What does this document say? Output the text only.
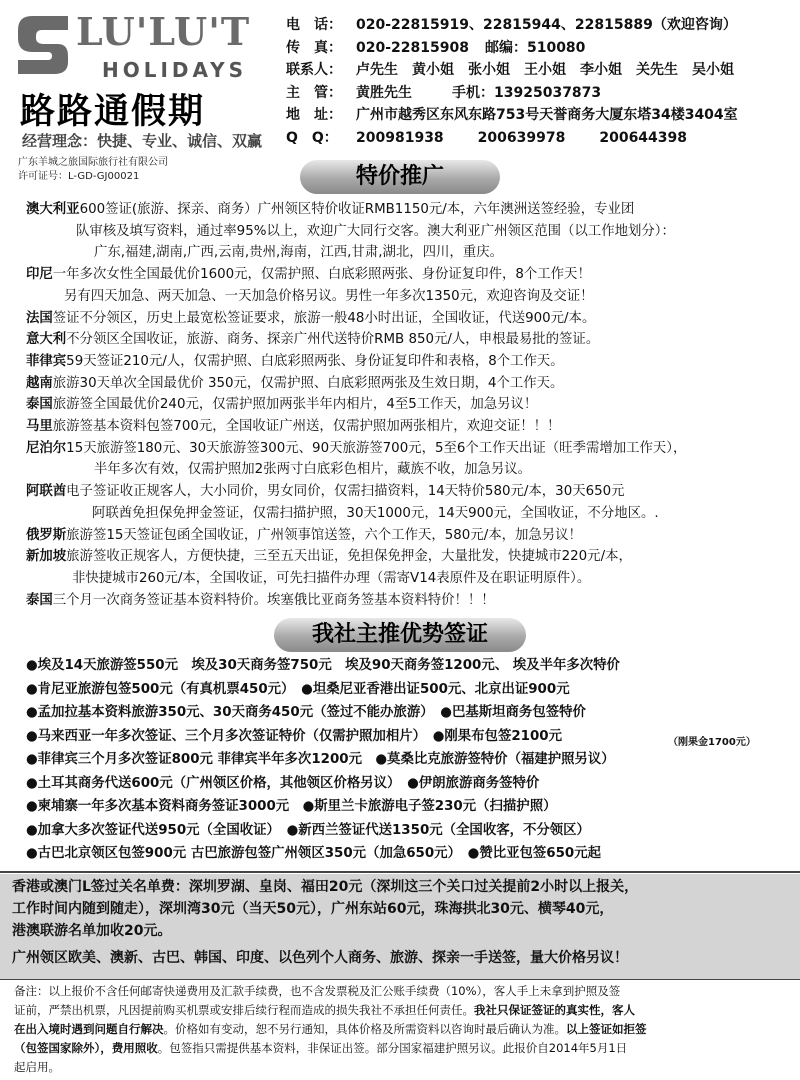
LU'LU'T
HOLIDAYS
路路通假期
经营理念：快捷、专业、诚信、双赢
广东羊城之旅国际旅行社有限公司
许可证号：L-GD-GJ00021
电　话： 020-22815919、22815944、22815889（欢迎咨询）
传　真： 020-22815908 邮编：510080
联系人： 卢先生　黄小姐　张小姐　王小姐　李小姐　关先生　吴小姐
主　管： 黄胜先生	手机：13925037873
地　址： 广州市越秀区东风东路753号天誉商务大厦东塔34楼3404室
Q　Q： 200981938 200639978 200644398
特价推广
澳大利亚600签证(旅游、探亲、商务）广州领区特价收证RMB1150元/本，六年澳洲送签经验，专业团
队审核及填写资料，通过率95%以上，欢迎广大同行交客。澳大利亚广州领区范围（以工作地划分）：
广东,福建,湖南,广西,云南,贵州,海南，江西,甘肃,湖北，四川，重庆。
印尼一年多次女性全国最优价1600元，仅需护照、白底彩照两张、身份证复印件，8个工作天！
另有四天加急、两天加急、一天加急价格另议。男性一年多次1350元，欢迎咨询及交证！
法国签证不分领区，历史上最宽松签证要求，旅游一般48小时出证，全国收证，代送900元/本。
意大利不分领区全国收证，旅游、商务、探亲广州代送特价RMB 850元/人，申根最易批的签证。
菲律宾59天签证210元/人，仅需护照、白底彩照两张、身份证复印件和表格，8个工作天。
越南旅游30天单次全国最优价 350元，仅需护照、白底彩照两张及生效日期，4个工作天。
泰国旅游签全国最优价240元，仅需护照加两张半年内相片，4至5工作天，加急另议！
马里旅游签基本资料包签700元，全国收证广州送，仅需护照加两张相片，欢迎交证！！！
尼泊尔15天旅游签180元、30天旅游签300元、90天旅游签700元，5至6个工作天出证（旺季需增加工作天），
半年多次有效，仅需护照加2张两寸白底彩色相片，藏族不收，加急另议。
阿联酋电子签证收正规客人，大小同价，男女同价，仅需扫描资料，14天特价580元/本，30天650元
阿联酋免担保免押金签证，仅需扫描护照，30天1000元，14天900元，全国收证，不分地区。.
俄罗斯旅游签15天签证包函全国收证，广州领事馆送签，六个工作天，580元/本，加急另议！
新加坡旅游签收正规客人，方便快捷，三至五天出证，免担保免押金，大量批发，快捷城市220元/本，
非快捷城市260元/本，全国收证，可先扫描件办理（需寄V14表原件及在职证明原件）。
泰国三个月一次商务签证基本资料特价。埃塞俄比亚商务签基本资料特价！！！
我社主推优势签证
●埃及14天旅游签550元　埃及30天商务签750元　埃及90天商务签1200元、 埃及半年多次特价
●肯尼亚旅游包签500元（有真机票450元）　●坦桑尼亚香港出证500元、北京出证900元
●孟加拉基本资料旅游350元、30天商务450元（签过不能办旅游）　●巴基斯坦商务包签特价
●马来西亚一年多次签证、三个月多次签证特价（仅需护照加相片）　●刚果布包签2100元
●菲律宾三个月多次签证800元 菲律宾半年多次1200元　●莫桑比克旅游签特价（福建护照另议）
●土耳其商务代送600元（广州领区价格，其他领区价格另议）　●伊朗旅游商务签特价
●柬埔寨一年多次基本资料商务签证3000元　●斯里兰卡旅游电子签230元（扫描护照）
●加拿大多次签证代送950元（全国收证）　●新西兰签证代送1350元（全国收客，不分领区）
●古巴北京领区包签900元 古巴旅游包签广州领区350元（加急650元）　●赞比亚包签650元起
（刚果金1700元）
香港或澳门L签过关名单费：深圳罗湖、皇岗、福田20元（深圳这三个关口过关提前2小时以上报关，
工作时间内随到随走），深圳湾30元（当天50元），广州东站60元，珠海拱北30元、横琴40元，
港澳联游名单加收20元。
广州领区欧美、澳新、古巴、韩国、印度、以色列个人商务、旅游、探亲一手送签，量大价格另议！
备注：以上报价不含任何邮寄快递费用及汇款手续费，也不含发票税及汇公账手续费（10%），客人手上未拿到护照及签
证前，严禁出机票，凡因提前购买机票或安排后续行程而造成的损失我社不承担任何责任。我社只保证签证的真实性，客人
在出入境时遇到问题自行解决。价格如有变动，恕不另行通知，具体价格及所需资料以咨询时最后确认为准。以上签证如拒签
（包签国家除外），费用照收。包签指只需提供基本资料，非保证出签。部分国家福建护照另议。此报价自2014年5月1日
起启用。
